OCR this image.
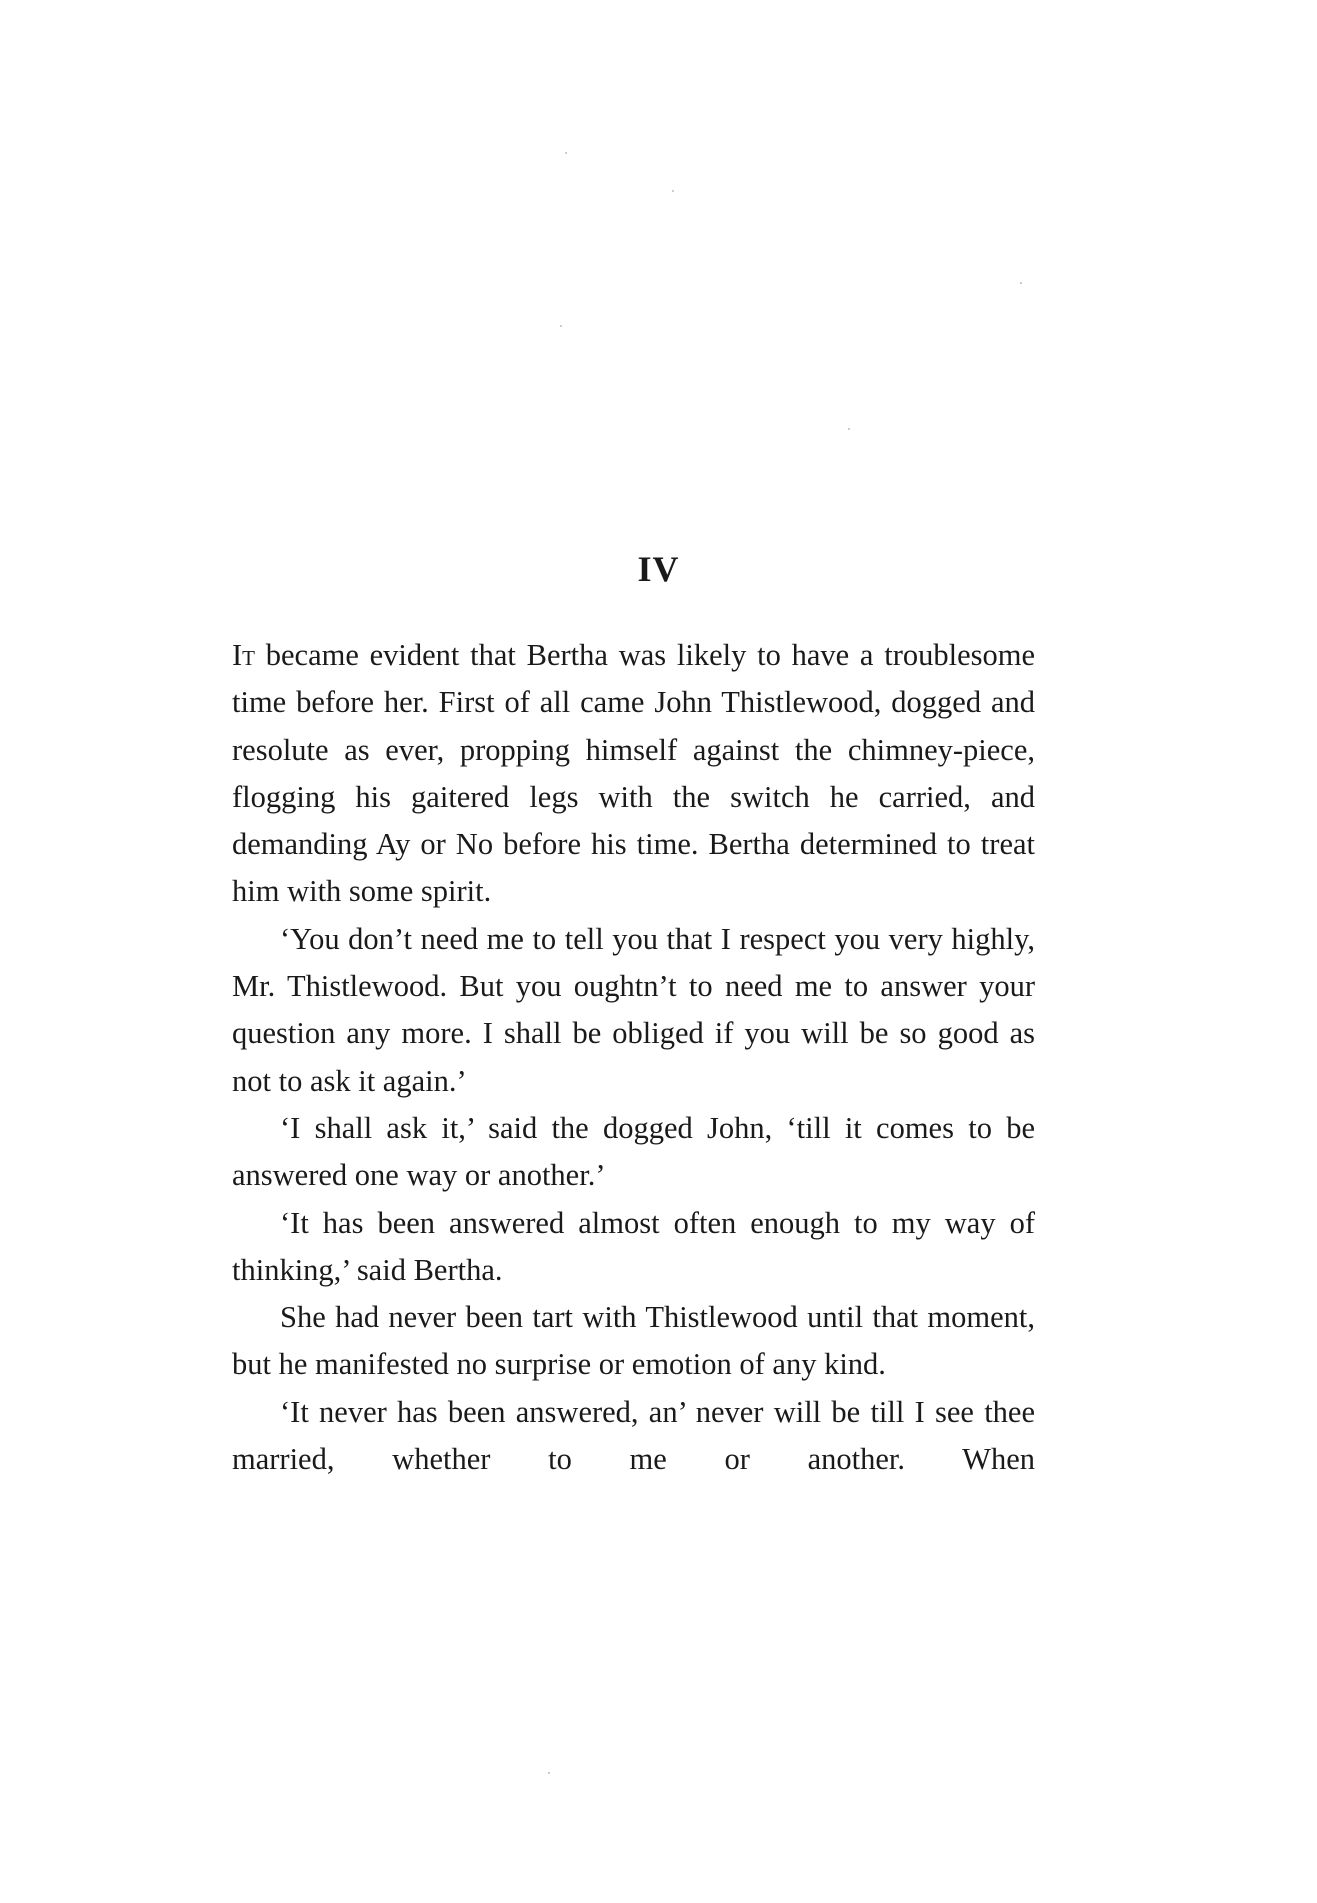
IV

It became evident that Bertha was likely to have a troublesome time before her. First of all came John Thistlewood, dogged and resolute as ever, propping himself against the chimney-piece, flogging his gaitered legs with the switch he carried, and demanding Ay or No before his time. Bertha determined to treat him with some spirit.

‘You don’t need me to tell you that I respect you very highly, Mr. Thistlewood. But you oughtn’t to need me to answer your question any more. I shall be obliged if you will be so good as not to ask it again.’

‘I shall ask it,’ said the dogged John, ‘till it comes to be answered one way or another.’

‘It has been answered almost often enough to my way of thinking,’ said Bertha.

She had never been tart with Thistlewood until that moment, but he manifested no surprise or emotion of any kind.

‘It never has been answered, an’ never will be till I see thee married, whether to me or another. When
